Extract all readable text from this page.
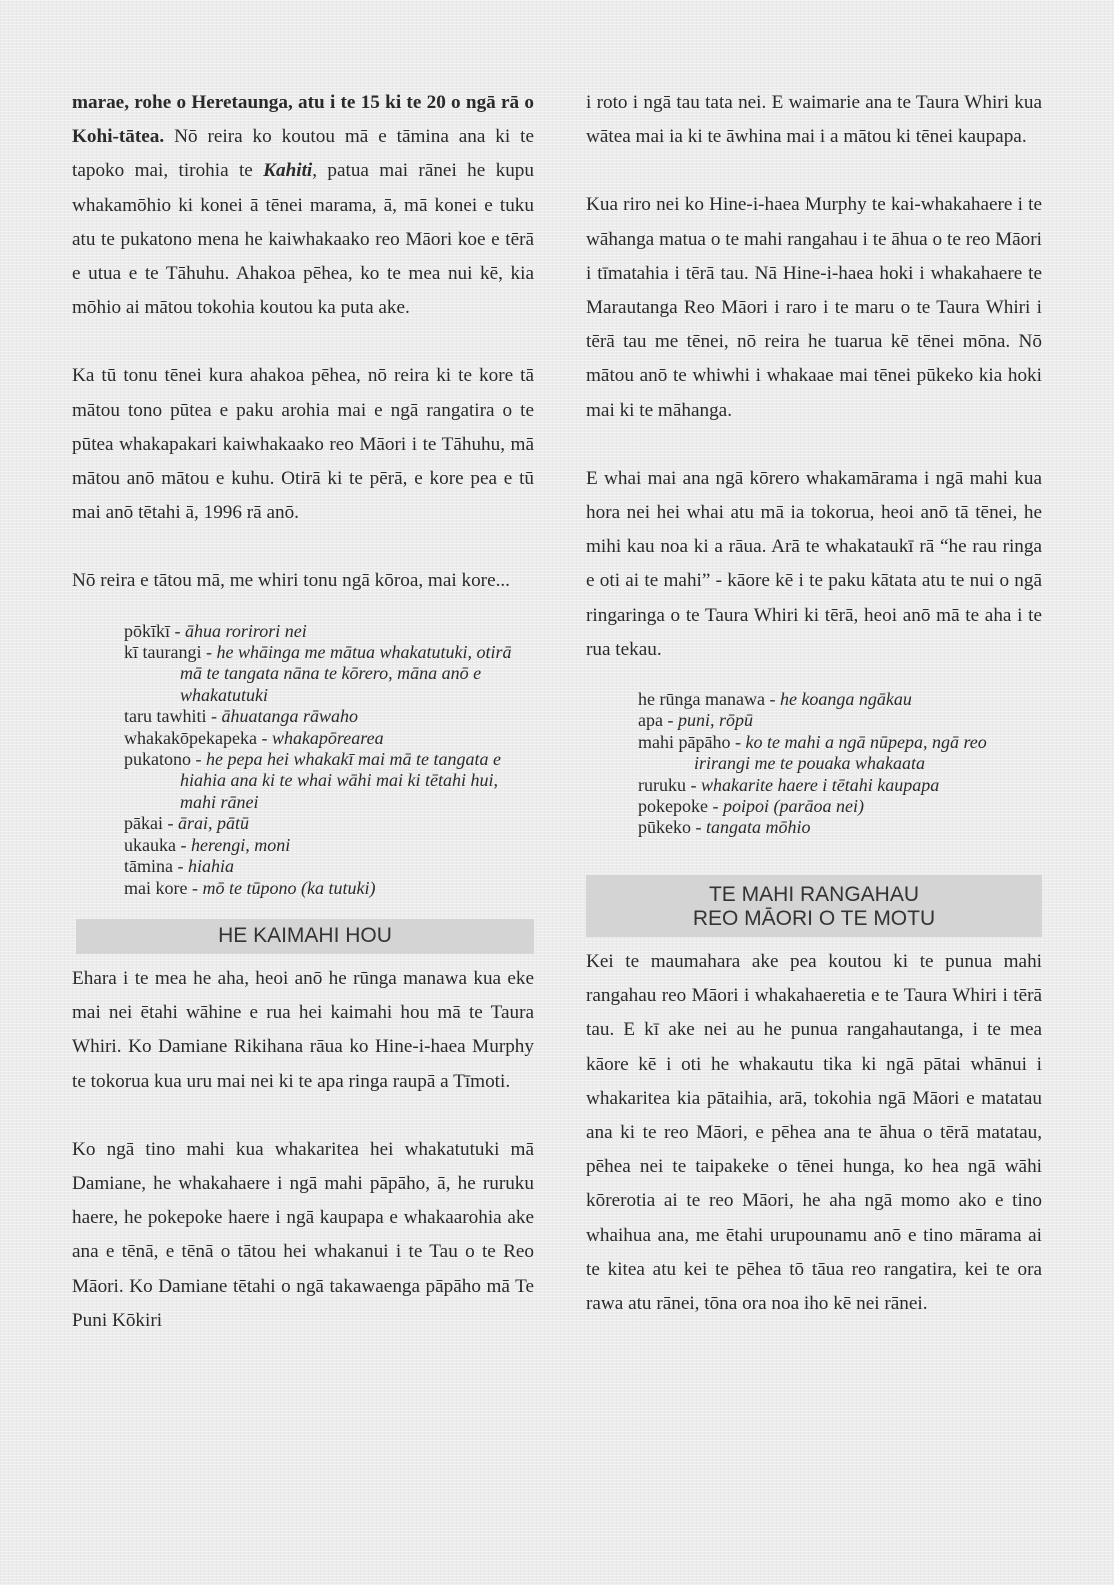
marae, rohe o Heretaunga, atu i te 15 ki te 20 o ngā rā o Kohi-tātea. Nō reira ko koutou mā e tāmina ana ki te tapoko mai, tirohia te Kahiti, patua mai rānei he kupu whakamōhio ki konei ā tēnei marama, ā, mā konei e tuku atu te pukatono mena he kaiwhakaako reo Māori koe e tērā e utua e te Tāhuhu. Ahakoa pēhea, ko te mea nui kē, kia mōhio ai mātou tokohia koutou ka puta ake.

Ka tū tonu tēnei kura ahakoa pēhea, nō reira ki te kore tā mātou tono pūtea e paku arohia mai e ngā rangatira o te pūtea whakapakari kaiwhakaako reo Māori i te Tāhuhu, mā mātou anō mātou e kuhu. Otirā ki te pērā, e kore pea e tū mai anō tētahi ā, 1996 rā anō.

Nō reira e tātou mā, me whiri tonu ngā kōroa, mai kore...

pōkīkī - āhua rorirori nei
kī taurangi - he whāinga me mātua whakatutuki, otirā mā te tangata nāna te kōrero, māna anō e whakatutuki
taru tawhiti - āhuatanga rāwaho
whakakōpekapeka - whakapōrearea
pukatono - he pepa hei whakakī mai mā te tangata e hiahia ana ki te whai wāhi mai ki tētahi hui, mahi rānei
pākai - ārai, pātū
ukauka - herengi, moni
tāmina - hiahia
mai kore - mō te tūpono (ka tutuki)
HE KAIMAHI HOU

Ehara i te mea he aha, heoi anō he rūnga manawa kua eke mai nei ētahi wāhine e rua hei kaimahi hou mā te Taura Whiri. Ko Damiane Rikihana rāua ko Hine-i-haea Murphy te tokorua kua uru mai nei ki te apa ringa raupā a Tīmoti.

Ko ngā tino mahi kua whakaritea hei whakatutuki mā Damiane, he whakahaere i ngā mahi pāpāho, ā, he ruruku haere, he pokepoke haere i ngā kaupapa e whakaarohia ake ana e tēnā, e tēnā o tātou hei whakanui i te Tau o te Reo Māori. Ko Damiane tētahi o ngā takawaenga pāpāho mā Te Puni Kōkiri

i roto i ngā tau tata nei. E waimarie ana te Taura Whiri kua wātea mai ia ki te āwhina mai i a mātou ki tēnei kaupapa.

Kua riro nei ko Hine-i-haea Murphy te kai-whakahaere i te wāhanga matua o te mahi rangahau i te āhua o te reo Māori i tīmatahia i tērā tau. Nā Hine-i-haea hoki i whakahaere te Marautanga Reo Māori i raro i te maru o te Taura Whiri i tērā tau me tēnei, nō reira he tuarua kē tēnei mōna. Nō mātou anō te whiwhi i whakaae mai tēnei pūkeko kia hoki mai ki te māhanga.

E whai mai ana ngā kōrero whakamārama i ngā mahi kua hora nei hei whai atu mā ia tokorua, heoi anō tā tēnei, he mihi kau noa ki a rāua. Arā te whakataukī rā “he rau ringa e oti ai te mahi” - kāore kē i te paku kātata atu te nui o ngā ringaringa o te Taura Whiri ki tērā, heoi anō mā te aha i te rua tekau.

he rūnga manawa - he koanga ngākau
apa - puni, rōpū
mahi pāpāho - ko te mahi a ngā nūpepa, ngā reo irirangi me te pouaka whakaata
ruruku - whakarite haere i tētahi kaupapa
pokepoke - poipoi (parāoa nei)
pūkeko - tangata mōhio
TE MAHI RANGAHAU
REO MĀORI O TE MOTU

Kei te maumahara ake pea koutou ki te punua mahi rangahau reo Māori i whakahaeretia e te Taura Whiri i tērā tau. E kī ake nei au he punua rangahautanga, i te mea kāore kē i oti he whakautu tika ki ngā pātai whānui i whakaritea kia pātaihia, arā, tokohia ngā Māori e matatau ana ki te reo Māori, e pēhea ana te āhua o tērā matatau, pēhea nei te taipakeke o tēnei hunga, ko hea ngā wāhi kōrerotia ai te reo Māori, he aha ngā momo ako e tino whaihua ana, me ētahi urupounamu anō e tino mārama ai te kitea atu kei te pēhea tō tāua reo rangatira, kei te ora rawa atu rānei, tōna ora noa iho kē nei rānei.
